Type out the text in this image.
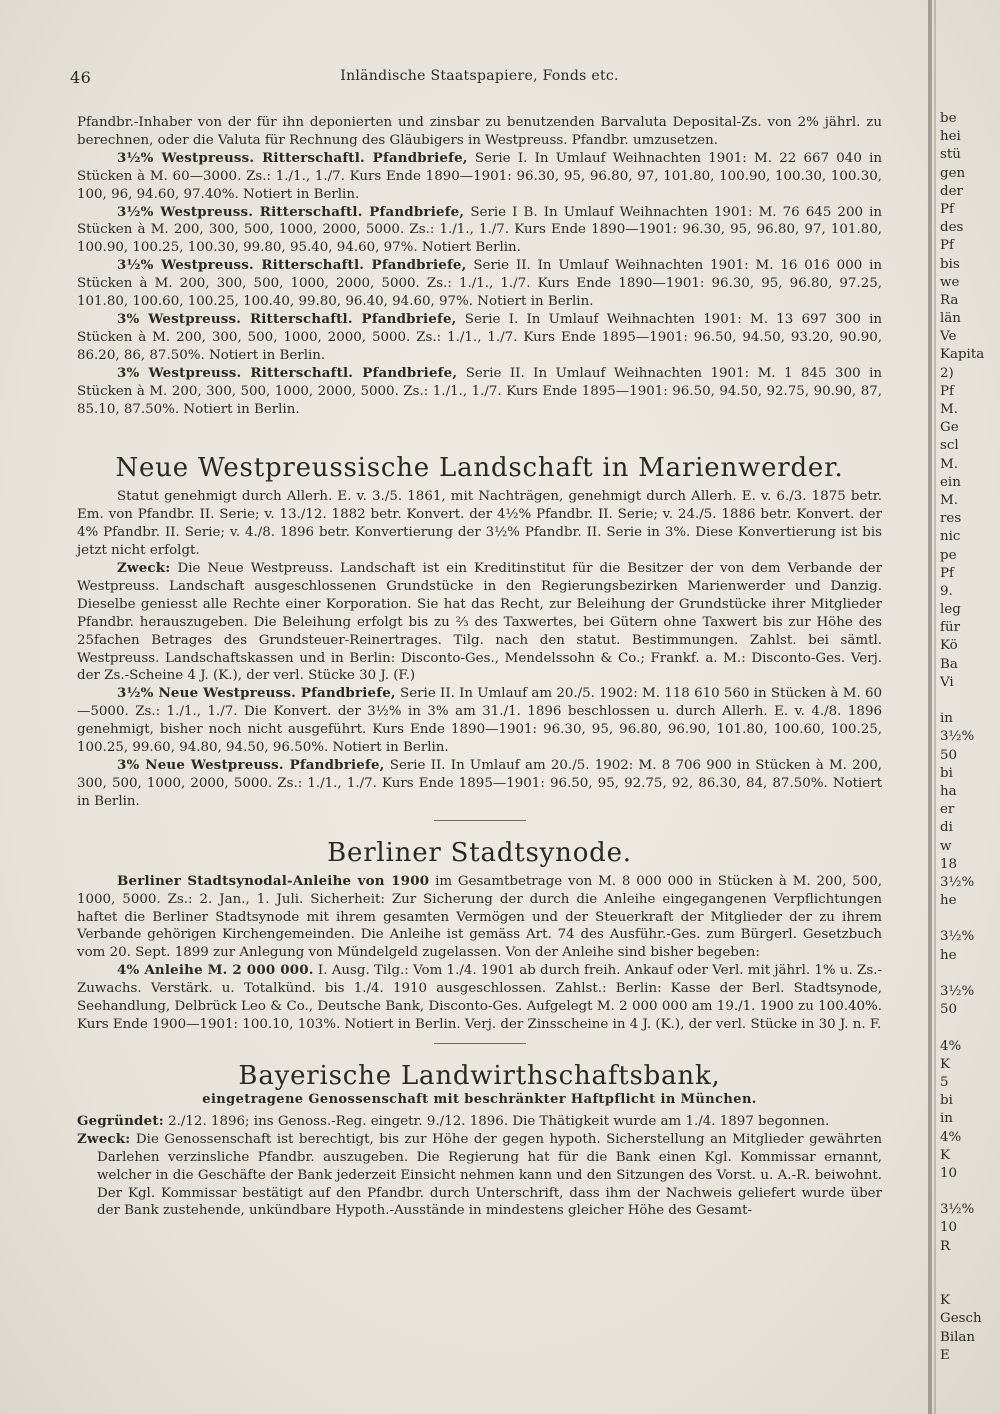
46	Inländische Staatspapiere, Fonds etc.

Pfandbr.-Inhaber von der für ihn deponierten und zinsbar zu benutzenden Barvaluta Deposital-Zs. von 2% jährl. zu berechnen, oder die Valuta für Rechnung des Gläubigers in Westpreuss. Pfandbr. umzusetzen.

3½% Westpreuss. Ritterschaftl. Pfandbriefe, Serie I. In Umlauf Weihnachten 1901: M. 22 667 040 in Stücken à M. 60—3000. Zs.: 1./1., 1./7. Kurs Ende 1890—1901: 96.30, 95, 96.80, 97, 101.80, 100.90, 100.30, 100.30, 100, 96, 94.60, 97.40%. Notiert in Berlin.

3½% Westpreuss. Ritterschaftl. Pfandbriefe, Serie I B. In Umlauf Weihnachten 1901: M. 76 645 200 in Stücken à M. 200, 300, 500, 1000, 2000, 5000. Zs.: 1./1., 1./7. Kurs Ende 1890—1901: 96.30, 95, 96.80, 97, 101.80, 100.90, 100.25, 100.30, 99.80, 95.40, 94.60, 97%. Notiert Berlin.

3½% Westpreuss. Ritterschaftl. Pfandbriefe, Serie II. In Umlauf Weihnachten 1901: M. 16 016 000 in Stücken à M. 200, 300, 500, 1000, 2000, 5000. Zs.: 1./1., 1./7. Kurs Ende 1890—1901: 96.30, 95, 96.80, 97.25, 101.80, 100.60, 100.25, 100.40, 99.80, 96.40, 94.60, 97%. Notiert in Berlin.

3% Westpreuss. Ritterschaftl. Pfandbriefe, Serie I. In Umlauf Weihnachten 1901: M. 13 697 300 in Stücken à M. 200, 300, 500, 1000, 2000, 5000. Zs.: 1./1., 1./7. Kurs Ende 1895—1901: 96.50, 94.50, 93.20, 90.90, 86.20, 86, 87.50%. Notiert in Berlin.

3% Westpreuss. Ritterschaftl. Pfandbriefe, Serie II. In Umlauf Weihnachten 1901: M. 1 845 300 in Stücken à M. 200, 300, 500, 1000, 2000, 5000. Zs.: 1./1., 1./7. Kurs Ende 1895—1901: 96.50, 94.50, 92.75, 90.90, 87, 85.10, 87.50%. Notiert in Berlin.

Neue Westpreussische Landschaft in Marienwerder.

Statut genehmigt durch Allerh. E. v. 3./5. 1861, mit Nachträgen, genehmigt durch Allerh. E. v. 6./3. 1875 betr. Em. von Pfandbr. II. Serie; v. 13./12. 1882 betr. Konvert. der 4½% Pfandbr. II. Serie; v. 24./5. 1886 betr. Konvert. der 4% Pfandbr. II. Serie; v. 4./8. 1896 betr. Konvertierung der 3½% Pfandbr. II. Serie in 3%. Diese Konvertierung ist bis jetzt nicht erfolgt.

Zweck: Die Neue Westpreuss. Landschaft ist ein Kreditinstitut für die Besitzer der von dem Verbande der Westpreuss. Landschaft ausgeschlossenen Grundstücke in den Regierungsbezirken Marienwerder und Danzig. Dieselbe geniesst alle Rechte einer Korporation. Sie hat das Recht, zur Beleihung der Grundstücke ihrer Mitglieder Pfandbr. herauszugeben. Die Beleihung erfolgt bis zu ⅔ des Taxwertes, bei Gütern ohne Taxwert bis zur Höhe des 25fachen Betrages des Grundsteuer-Reinertrages. Tilg. nach den statut. Bestimmungen. Zahlst. bei sämtl. Westpreuss. Landschaftskassen und in Berlin: Disconto-Ges., Mendelssohn & Co.; Frankf. a. M.: Disconto-Ges. Verj. der Zs.-Scheine 4 J. (K.), der verl. Stücke 30 J. (F.)

3½% Neue Westpreuss. Pfandbriefe, Serie II. In Umlauf am 20./5. 1902: M. 118 610 560 in Stücken à M. 60—5000. Zs.: 1./1., 1./7. Die Konvert. der 3½% in 3% am 31./1. 1896 beschlossen u. durch Allerh. E. v. 4./8. 1896 genehmigt, bisher noch nicht ausgeführt. Kurs Ende 1890—1901: 96.30, 95, 96.80, 96.90, 101.80, 100.60, 100.25, 100.25, 99.60, 94.80, 94.50, 96.50%. Notiert in Berlin.

3% Neue Westpreuss. Pfandbriefe, Serie II. In Umlauf am 20./5. 1902: M. 8 706 900 in Stücken à M. 200, 300, 500, 1000, 2000, 5000. Zs.: 1./1., 1./7. Kurs Ende 1895—1901: 96.50, 95, 92.75, 92, 86.30, 84, 87.50%. Notiert in Berlin.

Berliner Stadtsynode.

Berliner Stadtsynodal-Anleihe von 1900 im Gesamtbetrage von M. 8 000 000 in Stücken à M. 200, 500, 1000, 5000. Zs.: 2. Jan., 1. Juli. Sicherheit: Zur Sicherung der durch die Anleihe eingegangenen Verpflichtungen haftet die Berliner Stadtsynode mit ihrem gesamten Vermögen und der Steuerkraft der Mitglieder der zu ihrem Verbande gehörigen Kirchengemeinden. Die Anleihe ist gemäss Art. 74 des Ausführ.-Ges. zum Bürgerl. Gesetzbuch vom 20. Sept. 1899 zur Anlegung von Mündelgeld zugelassen. Von der Anleihe sind bisher begeben:

4% Anleihe M. 2 000 000. I. Ausg. Tilg.: Vom 1./4. 1901 ab durch freih. Ankauf oder Verl. mit jährl. 1% u. Zs.-Zuwachs. Verstärk. u. Totalkünd. bis 1./4. 1910 ausgeschlossen. Zahlst.: Berlin: Kasse der Berl. Stadtsynode, Seehandlung, Delbrück Leo & Co., Deutsche Bank, Disconto-Ges. Aufgelegt M. 2 000 000 am 19./1. 1900 zu 100.40%. Kurs Ende 1900—1901: 100.10, 103%. Notiert in Berlin. Verj. der Zinsscheine in 4 J. (K.), der verl. Stücke in 30 J. n. F.

Bayerische Landwirthschaftsbank,
eingetragene Genossenschaft mit beschränkter Haftpflicht in München.

Gegründet: 2./12. 1896; ins Genoss.-Reg. eingetr. 9./12. 1896. Die Thätigkeit wurde am 1./4. 1897 begonnen.

Zweck: Die Genossenschaft ist berechtigt, bis zur Höhe der gegen hypoth. Sicherstellung an Mitglieder gewährten Darlehen verzinsliche Pfandbr. auszugeben. Die Regierung hat für die Bank einen Kgl. Kommissar ernannt, welcher in die Geschäfte der Bank jederzeit Einsicht nehmen kann und den Sitzungen des Vorst. u. A.-R. beiwohnt. Der Kgl. Kommissar bestätigt auf den Pfandbr. durch Unterschrift, dass ihm der Nachweis geliefert wurde über der Bank zustehende, unkündbare Hypoth.-Ausstände in mindestens gleicher Höhe des Gesamt-

be
hei
stü
gen
der
Pf
des
Pf
bis
we
Ra
län
Ve
Kapita
2)
Pf
M.
Ge
scl
M.
ein
M.
res
nic
pe
Pf
9.
leg
für
Kö
Ba
Vi
in
3½%
50
bi
ha
er
di
w
18
3½%
he
3½%
he
3½%
50
4%
K
5
bi
in
4%
K
10
3½%
10
R
K
Gesch
Bilan
E
